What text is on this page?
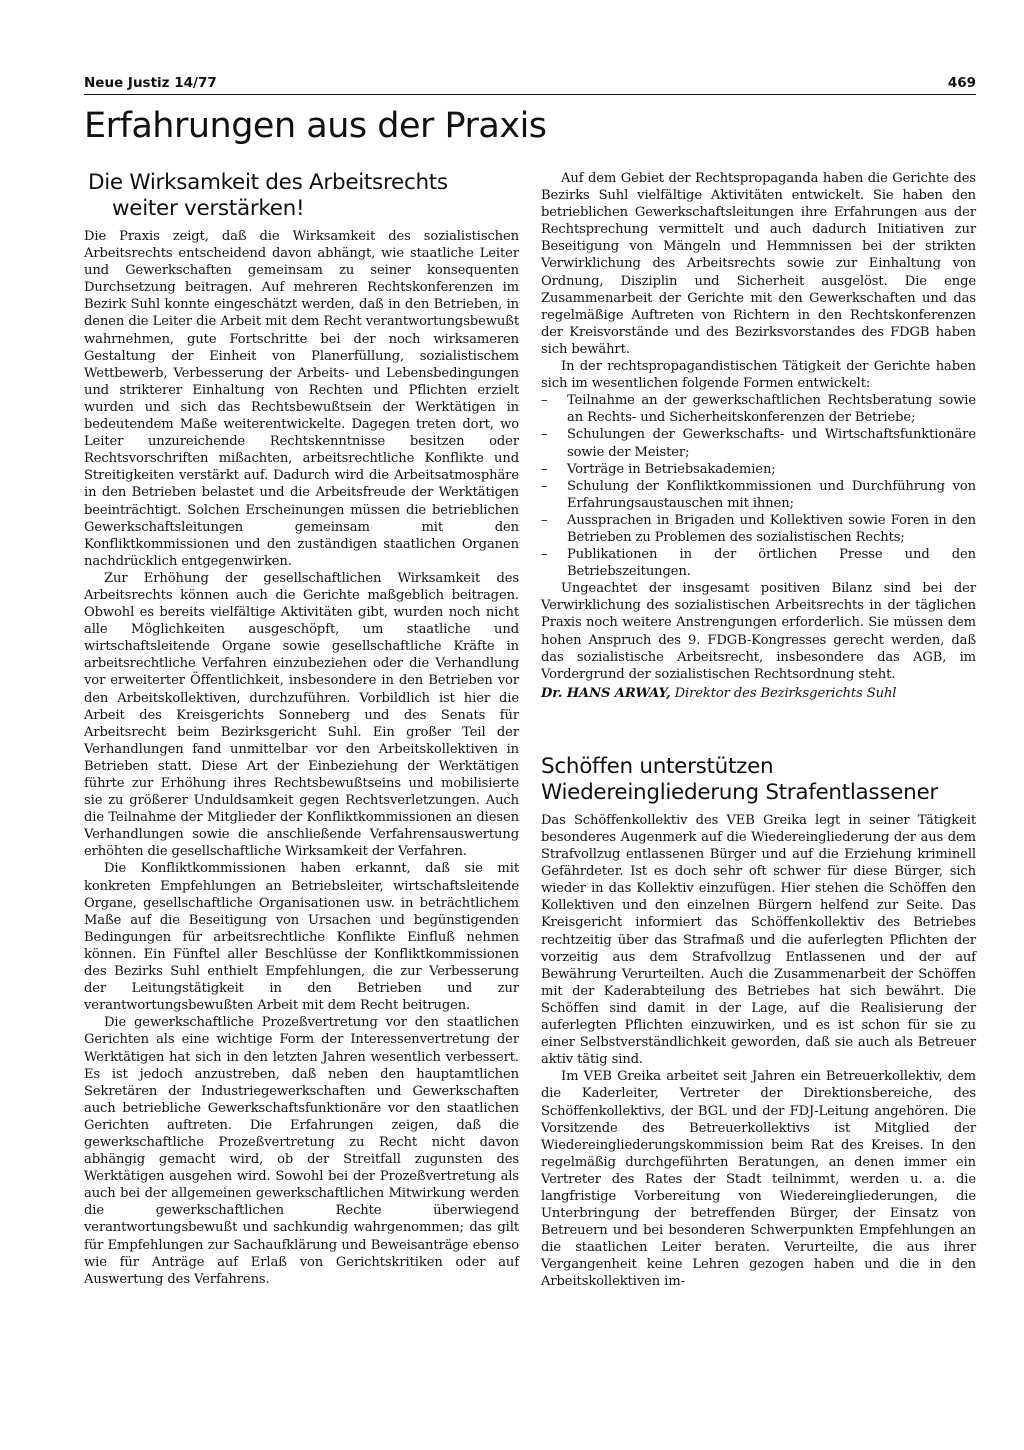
Neue Justiz 14/77	469
Erfahrungen aus der Praxis
Die Wirksamkeit des Arbeitsrechts
weiter verstärken!

Die Praxis zeigt, daß die Wirksamkeit des sozialistischen Arbeitsrechts entscheidend davon abhängt, wie staatliche Leiter und Gewerkschaften gemeinsam zu seiner konsequenten Durchsetzung beitragen. Auf mehreren Rechtskonferenzen im Bezirk Suhl konnte eingeschätzt werden, daß in den Betrieben, in denen die Leiter die Arbeit mit dem Recht verantwortungsbewußt wahrnehmen, gute Fortschritte bei der noch wirksameren Gestaltung der Einheit von Planerfüllung, sozialistischem Wettbewerb, Verbesserung der Arbeits- und Lebensbedingungen und strikterer Einhaltung von Rechten und Pflichten erzielt wurden und sich das Rechtsbewußtsein der Werktätigen in bedeutendem Maße weiterentwickelte. Dagegen treten dort, wo Leiter unzureichende Rechtskenntnisse besitzen oder Rechtsvorschriften mißachten, arbeitsrechtliche Konflikte und Streitigkeiten verstärkt auf. Dadurch wird die Arbeitsatmosphäre in den Betrieben belastet und die Arbeitsfreude der Werktätigen beeinträchtigt. Solchen Erscheinungen müssen die betrieblichen Gewerkschaftsleitungen gemeinsam mit den Konfliktkommissionen und den zuständigen staatlichen Organen nachdrücklich entgegenwirken.

Zur Erhöhung der gesellschaftlichen Wirksamkeit des Arbeitsrechts können auch die Gerichte maßgeblich beitragen. Obwohl es bereits vielfältige Aktivitäten gibt, wurden noch nicht alle Möglichkeiten ausgeschöpft, um staatliche und wirtschaftsleitende Organe sowie gesellschaftliche Kräfte in arbeitsrechtliche Verfahren einzubeziehen oder die Verhandlung vor erweiterter Öffentlichkeit, insbesondere in den Betrieben vor den Arbeitskollektiven, durchzuführen. Vorbildlich ist hier die Arbeit des Kreisgerichts Sonneberg und des Senats für Arbeitsrecht beim Bezirksgericht Suhl. Ein großer Teil der Verhandlungen fand unmittelbar vor den Arbeitskollektiven in Betrieben statt. Diese Art der Einbeziehung der Werktätigen führte zur Erhöhung ihres Rechtsbewußtseins und mobilisierte sie zu größerer Unduldsamkeit gegen Rechtsverletzungen. Auch die Teilnahme der Mitglieder der Konfliktkommissionen an diesen Verhandlungen sowie die anschließende Verfahrensauswertung erhöhten die gesellschaftliche Wirksamkeit der Verfahren.

Die Konfliktkommissionen haben erkannt, daß sie mit konkreten Empfehlungen an Betriebsleiter, wirtschaftsleitende Organe, gesellschaftliche Organisationen usw. in beträchtlichem Maße auf die Beseitigung von Ursachen und begünstigenden Bedingungen für arbeitsrechtliche Konflikte Einfluß nehmen können. Ein Fünftel aller Beschlüsse der Konfliktkommissionen des Bezirks Suhl enthielt Empfehlungen, die zur Verbesserung der Leitungstätigkeit in den Betrieben und zur verantwortungsbewußten Arbeit mit dem Recht beitrugen.

Die gewerkschaftliche Prozeßvertretung vor den staatlichen Gerichten als eine wichtige Form der Interessenvertretung der Werktätigen hat sich in den letzten Jahren wesentlich verbessert. Es ist jedoch anzustreben, daß neben den hauptamtlichen Sekretären der Industriegewerkschaften und Gewerkschaften auch betriebliche Gewerkschaftsfunktionäre vor den staatlichen Gerichten auftreten. Die Erfahrungen zeigen, daß die gewerkschaftliche Prozeßvertretung zu Recht nicht davon abhängig gemacht wird, ob der Streitfall zugunsten des Werktätigen ausgehen wird. Sowohl bei der Prozeßvertretung als auch bei der allgemeinen gewerkschaftlichen Mitwirkung werden die gewerkschaftlichen Rechte überwiegend verantwortungsbewußt und sachkundig wahrgenommen; das gilt für Empfehlungen zur Sachaufklärung und Beweisanträge ebenso wie für Anträge auf Erlaß von Gerichtskritiken oder auf Auswertung des Verfahrens.

Auf dem Gebiet der Rechtspropaganda haben die Gerichte des Bezirks Suhl vielfältige Aktivitäten entwickelt. Sie haben den betrieblichen Gewerkschaftsleitungen ihre Erfahrungen aus der Rechtsprechung vermittelt und auch dadurch Initiativen zur Beseitigung von Mängeln und Hemmnissen bei der strikten Verwirklichung des Arbeitsrechts sowie zur Einhaltung von Ordnung, Disziplin und Sicherheit ausgelöst. Die enge Zusammenarbeit der Gerichte mit den Gewerkschaften und das regelmäßige Auftreten von Richtern in den Rechtskonferenzen der Kreisvorstände und des Bezirksvorstandes des FDGB haben sich bewährt.

In der rechtspropagandistischen Tätigkeit der Gerichte haben sich im wesentlichen folgende Formen entwickelt:

– Teilnahme an der gewerkschaftlichen Rechtsberatung sowie an Rechts- und Sicherheitskonferenzen der Betriebe;
– Schulungen der Gewerkschafts- und Wirtschaftsfunktionäre sowie der Meister;
– Vorträge in Betriebsakademien;
– Schulung der Konfliktkommissionen und Durchführung von Erfahrungsaustauschen mit ihnen;
– Aussprachen in Brigaden und Kollektiven sowie Foren in den Betrieben zu Problemen des sozialistischen Rechts;
– Publikationen in der örtlichen Presse und den Betriebszeitungen.

Ungeachtet der insgesamt positiven Bilanz sind bei der Verwirklichung des sozialistischen Arbeitsrechts in der täglichen Praxis noch weitere Anstrengungen erforderlich. Sie müssen dem hohen Anspruch des 9. FDGB-Kongresses gerecht werden, daß das sozialistische Arbeitsrecht, insbesondere das AGB, im Vordergrund der sozialistischen Rechtsordnung steht.

Dr. HANS ARWAY, Direktor des Bezirksgerichts Suhl

Schöffen unterstützen
Wiedereingliederung Strafentlassener

Das Schöffenkollektiv des VEB Greika legt in seiner Tätigkeit besonderes Augenmerk auf die Wiedereingliederung der aus dem Strafvollzug entlassenen Bürger und auf die Erziehung kriminell Gefährdeter. Ist es doch sehr oft schwer für diese Bürger, sich wieder in das Kollektiv einzufügen. Hier stehen die Schöffen den Kollektiven und den einzelnen Bürgern helfend zur Seite. Das Kreisgericht informiert das Schöffenkollektiv des Betriebes rechtzeitig über das Strafmaß und die auferlegten Pflichten der vorzeitig aus dem Strafvollzug Entlassenen und der auf Bewährung Verurteilten. Auch die Zusammenarbeit der Schöffen mit der Kaderabteilung des Betriebes hat sich bewährt. Die Schöffen sind damit in der Lage, auf die Realisierung der auferlegten Pflichten einzuwirken, und es ist schon für sie zu einer Selbstverständlichkeit geworden, daß sie auch als Betreuer aktiv tätig sind.

Im VEB Greika arbeitet seit Jahren ein Betreuerkollektiv, dem die Kaderleiter, Vertreter der Direktionsbereiche, des Schöffenkollektivs, der BGL und der FDJ-Leitung angehören. Die Vorsitzende des Betreuerkollektivs ist Mitglied der Wiedereingliederungskommission beim Rat des Kreises. In den regelmäßig durchgeführten Beratungen, an denen immer ein Vertreter des Rates der Stadt teilnimmt, werden u. a. die langfristige Vorbereitung von Wiedereingliederungen, die Unterbringung der betreffenden Bürger, der Einsatz von Betreuern und bei besonderen Schwerpunkten Empfehlungen an die staatlichen Leiter beraten. Verurteilte, die aus ihrer Vergangenheit keine Lehren gezogen haben und die in den Arbeitskollektiven im-
